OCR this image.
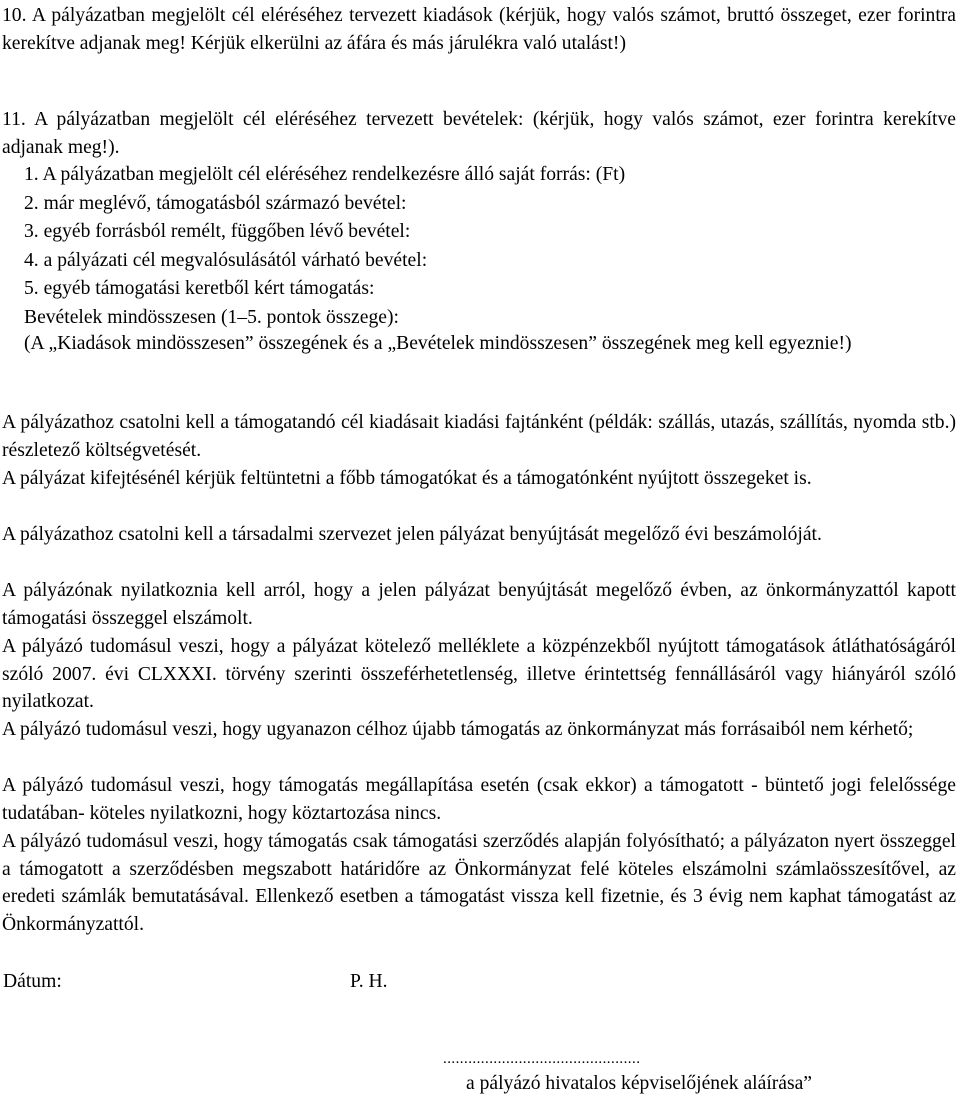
10. A pályázatban megjelölt cél eléréséhez tervezett kiadások (kérjük, hogy valós számot, bruttó összeget, ezer forintra kerekítve adjanak meg! Kérjük elkerülni az áfára és más járulékra való utalást!)

11. A pályázatban megjelölt cél eléréséhez tervezett bevételek: (kérjük, hogy valós számot, ezer forintra kerekítve adjanak meg!).

1. A pályázatban megjelölt cél eléréséhez rendelkezésre álló saját forrás: (Ft)
2. már meglévő, támogatásból származó bevétel:
3. egyéb forrásból remélt, függőben lévő bevétel:
4. a pályázati cél megvalósulásától várható bevétel:
5. egyéb támogatási keretből kért támogatás:
Bevételek mindösszesen (1–5. pontok összege):

(A „Kiadások mindösszesen” összegének és a „Bevételek mindösszesen” összegének meg kell egyeznie!)

A pályázathoz csatolni kell a támogatandó cél kiadásait kiadási fajtánként (példák: szállás, utazás, szállítás, nyomda stb.) részletező költségvetését.

A pályázat kifejtésénél kérjük feltüntetni a főbb támogatókat és a támogatónként nyújtott összegeket is.

A pályázathoz csatolni kell a társadalmi szervezet jelen pályázat benyújtását megelőző évi beszámolóját.

A pályázónak nyilatkoznia kell arról, hogy a jelen pályázat benyújtását megelőző évben, az önkormányzattól kapott támogatási összeggel elszámolt.

A pályázó tudomásul veszi, hogy a pályázat kötelező melléklete a közpénzekből nyújtott támogatások átláthatóságáról szóló 2007. évi CLXXXI. törvény szerinti összeférhetetlenség, illetve érintettség fennállásáról vagy hiányáról szóló nyilatkozat.

A pályázó tudomásul veszi, hogy ugyanazon célhoz újabb támogatás az önkormányzat más forrásaiból nem kérhető;

A pályázó tudomásul veszi, hogy támogatás megállapítása esetén (csak ekkor) a támogatott - büntető jogi felelőssége tudatában- köteles nyilatkozni, hogy köztartozása nincs.

A pályázó tudomásul veszi, hogy támogatás csak támogatási szerződés alapján folyósítható; a pályázaton nyert összeggel a támogatott a szerződésben megszabott határidőre az Önkormányzat felé köteles elszámolni számlaösszesítővel, az eredeti számlák bemutatásával. Ellenkező esetben a támogatást vissza kell fizetnie, és 3 évig nem kaphat támogatást az Önkormányzattól.

Dátum:	P. H.
...............................................
a pályázó hivatalos képviselőjének aláírása”
